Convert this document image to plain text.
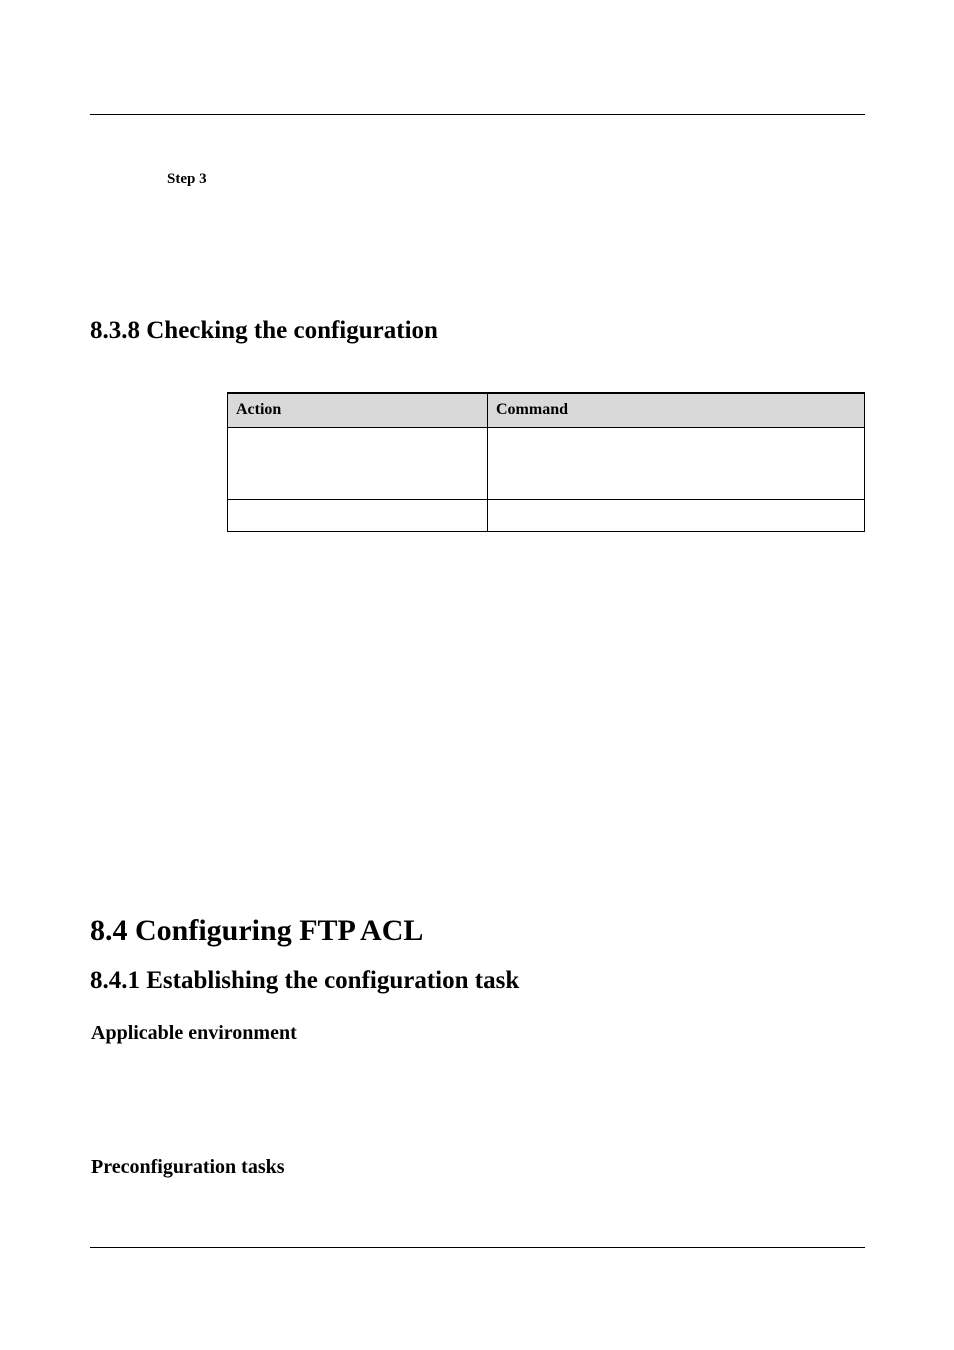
Step 3
8.3.8 Checking the configuration
Action	Command

8.4 Configuring FTP ACL
8.4.1 Establishing the configuration task
Applicable environment
Preconfiguration tasks
